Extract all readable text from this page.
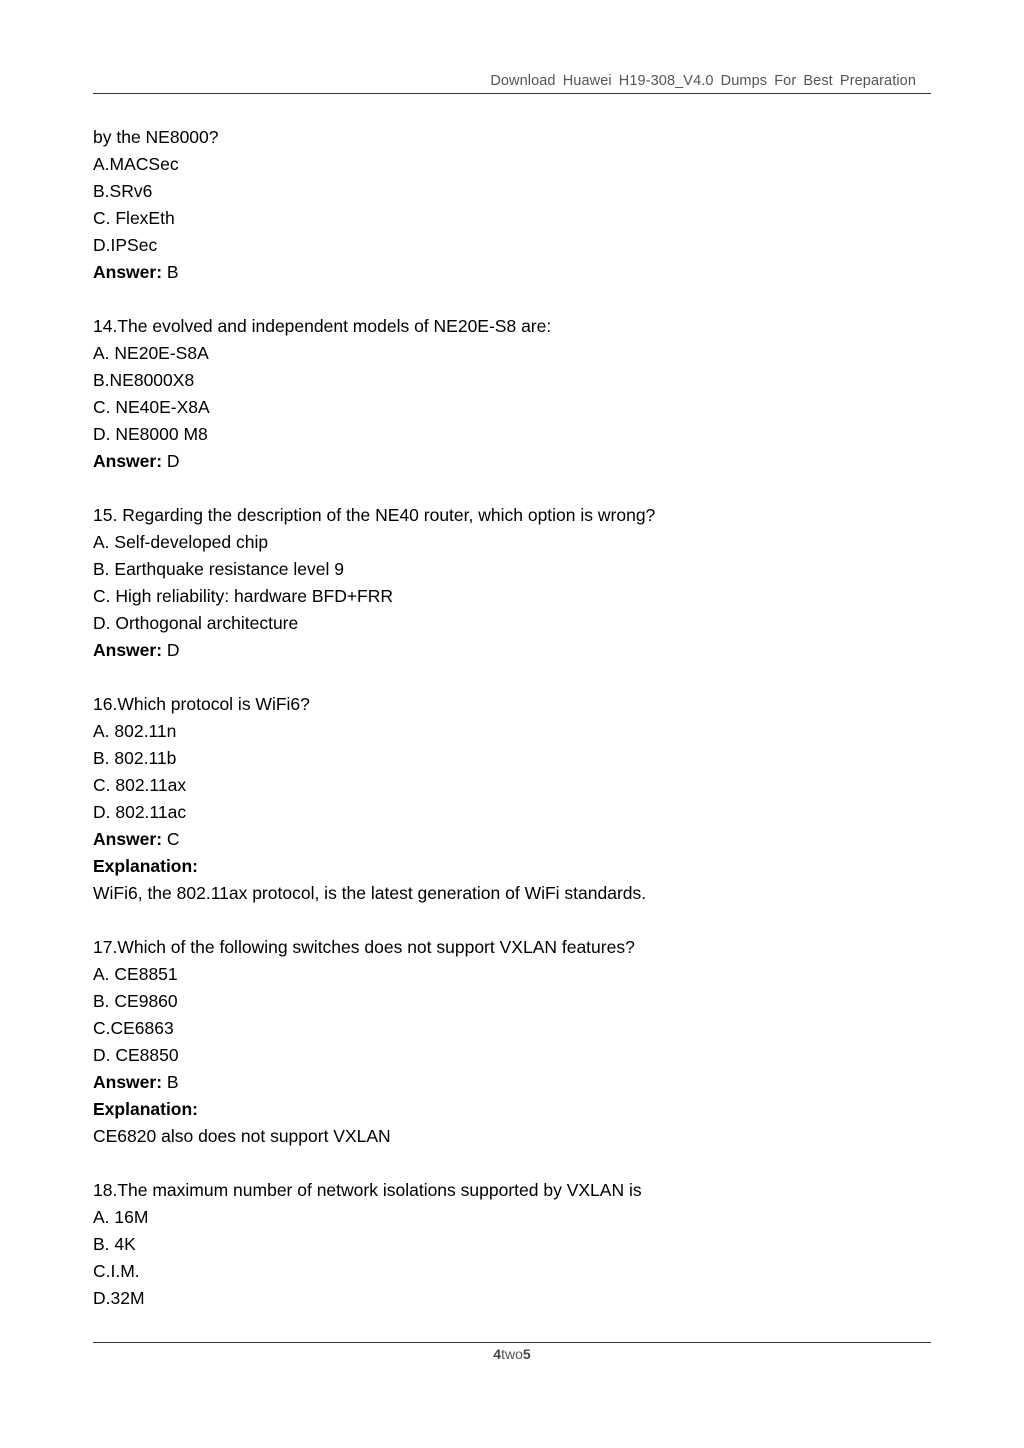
Download Huawei H19-308_V4.0 Dumps For Best Preparation
by the NE8000?
A.MACSec
B.SRv6
C. FlexEth
D.IPSec
Answer: B
14.The evolved and independent models of NE20E-S8 are:
A. NE20E-S8A
B.NE8000X8
C. NE40E-X8A
D. NE8000 M8
Answer: D
15. Regarding the description of the NE40 router, which option is wrong?
A. Self-developed chip
B. Earthquake resistance level 9
C. High reliability: hardware BFD+FRR
D. Orthogonal architecture
Answer: D
16.Which protocol is WiFi6?
A. 802.11n
B. 802.11b
C. 802.11ax
D. 802.11ac
Answer: C
Explanation:
WiFi6, the 802.11ax protocol, is the latest generation of WiFi standards.
17.Which of the following switches does not support VXLAN features?
A. CE8851
B. CE9860
C.CE6863
D. CE8850
Answer: B
Explanation:
CE6820 also does not support VXLAN
18.The maximum number of network isolations supported by VXLAN is
A. 16M
B. 4K
C.I.M.
D.32M
4two5
